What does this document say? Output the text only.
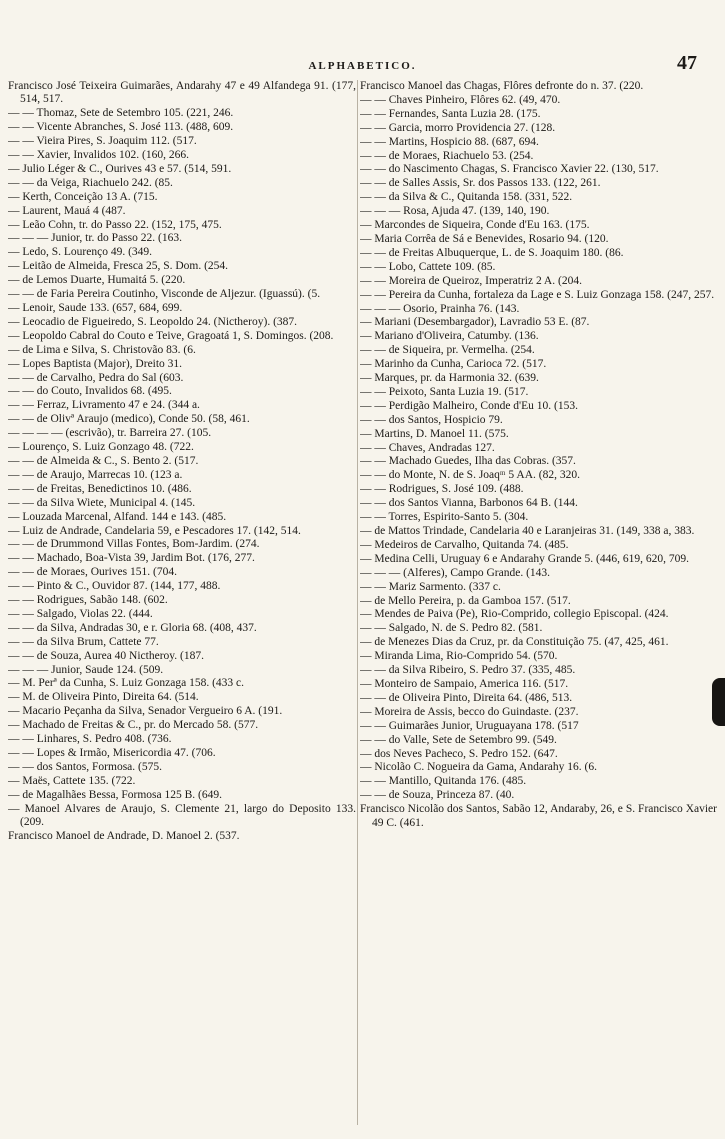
ALPHABETICO.	47

Francisco José Teixeira Guimarães, Andarahy 47 e 49 Alfandega 91. (177, 514, 517.

— — Thomaz, Sete de Setembro 105. (221, 246.

— — Vicente Abranches, S. José 113. (488, 609.

— — Vieira Pires, S. Joaquim 112. (517.

— — Xavier, Invalidos 102. (160, 266.

— Julio Léger & C., Ourives 43 e 57. (514, 591.

— — da Veiga, Riachuelo 242. (85.

— Kerth, Conceição 13 A. (715.

— Laurent, Mauá 4 (487.

— Leão Cohn, tr. do Passo 22. (152, 175, 475.

— — — Junior, tr. do Passo 22. (163.

— Ledo, S. Lourenço 49. (349.

— Leitão de Almeida, Fresca 25, S. Dom. (254.

— de Lemos Duarte, Humaitá 5. (220.

— — de Faria Pereira Coutinho, Visconde de Aljezur. (Iguassú). (5.

— Lenoir, Saude 133. (657, 684, 699.

— Leocadio de Figueiredo, S. Leopoldo 24. (Nictheroy). (387.

— Leopoldo Cabral do Couto e Teive, Gragoatá 1, S. Domingos. (208.

— de Lima e Silva, S. Christovão 83. (6.

— Lopes Baptista (Major), Dreito 31.

— — de Carvalho, Pedra do Sal (603.

— — do Couto, Invalidos 68. (495.

— — Ferraz, Livramento 47 e 24. (344 a.

— — de Olivª Araujo (medico), Conde 50. (58, 461.

— — — — (escrivão), tr. Barreira 27. (105.

— Lourenço, S. Luiz Gonzago 48. (722.

— — de Almeida & C., S. Bento 2. (517.

— — de Araujo, Marrecas 10. (123 a.

— — de Freitas, Benedictinos 10. (486.

— — da Silva Wiete, Municipal 4. (145.

— Louzada Marcenal, Alfand. 144 e 143. (485.

— Luiz de Andrade, Candelaria 59, e Pescadores 17. (142, 514.

— — de Drummond Villas Fontes, Bom-Jardim. (274.

— — Machado, Boa-Vista 39, Jardim Bot. (176, 277.

— — de Moraes, Ourives 151. (704.

— — Pinto & C., Ouvidor 87. (144, 177, 488.

— — Rodrigues, Sabão 148. (602.

— — Salgado, Violas 22. (444.

— — da Silva, Andradas 30, e r. Gloria 68. (408, 437.

— — da Silva Brum, Cattete 77.

— — de Souza, Aurea 40 Nictheroy. (187.

— — — Junior, Saude 124. (509.

— M. Perª da Cunha, S. Luiz Gonzaga 158. (433 c.

— M. de Oliveira Pinto, Direita 64. (514.

— Macario Peçanha da Silva, Senador Vergueiro 6 A. (191.

— Machado de Freitas & C., pr. do Mercado 58. (577.

— — Linhares, S. Pedro 408. (736.

— — Lopes & Irmão, Misericordia 47. (706.

— — dos Santos, Formosa. (575.

— Maës, Cattete 135. (722.

— de Magalhães Bessa, Formosa 125 B. (649.

— Manoel Alvares de Araujo, S. Clemente 21, largo do Deposito 133. (209.

Francisco Manoel de Andrade, D. Manoel 2. (537.

Francisco Manoel das Chagas, Flôres defronte do n. 37. (220.

— — Chaves Pinheiro, Flôres 62. (49, 470.

— — Fernandes, Santa Luzia 28. (175.

— — Garcia, morro Providencia 27. (128.

— — Martins, Hospicio 88. (687, 694.

— — de Moraes, Riachuelo 53. (254.

— — do Nascimento Chagas, S. Francisco Xavier 22. (130, 517.

— — de Salles Assis, Sr. dos Passos 133. (122, 261.

— — da Silva & C., Quitanda 158. (331, 522.

— — — Rosa, Ajuda 47. (139, 140, 190.

— Marcondes de Siqueira, Conde d'Eu 163. (175.

— Maria Corrêa de Sá e Benevides, Rosario 94. (120.

— — de Freitas Albuquerque, L. de S. Joaquim 180. (86.

— — Lobo, Cattete 109. (85.

— — Moreira de Queiroz, Imperatriz 2 A. (204.

— — Pereira da Cunha, fortaleza da Lage e S. Luiz Gonzaga 158. (247, 257.

— — — Osorio, Prainha 76. (143.

— Mariani (Desembargador), Lavradio 53 E. (87.

— Mariano d'Oliveira, Catumby. (136.

— — de Siqueira, pr. Vermelha. (254.

— Marinho da Cunha, Carioca 72. (517.

— Marques, pr. da Harmonia 32. (639.

— — Peixoto, Santa Luzia 19. (517.

— — Perdigão Malheiro, Conde d'Eu 10. (153.

— — dos Santos, Hospicio 79.

— Martins, D. Manoel 11. (575.

— — Chaves, Andradas 127.

— — Machado Guedes, Ilha das Cobras. (357.

— — do Monte, N. de S. Joaqᵐ 5 AA. (82, 320.

— — Rodrigues, S. José 109. (488.

— — dos Santos Vianna, Barbonos 64 B. (144.

— — Torres, Espirito-Santo 5. (304.

— de Mattos Trindade, Candelaria 40 e Laranjeiras 31. (149, 338 a, 383.

— Medeiros de Carvalho, Quitanda 74. (485.

— Medina Celli, Uruguay 6 e Andarahy Grande 5. (446, 619, 620, 709.

— — — (Alferes), Campo Grande. (143.

— — Mariz Sarmento. (337 c.

— de Mello Pereira, p. da Gamboa 157. (517.

— Mendes de Paiva (Pe), Rio-Comprido, collegio Episcopal. (424.

— — Salgado, N. de S. Pedro 82. (581.

— de Menezes Dias da Cruz, pr. da Constituição 75. (47, 425, 461.

— Miranda Lima, Rio-Comprido 54. (570.

— — da Silva Ribeiro, S. Pedro 37. (335, 485.

— Monteiro de Sampaio, America 116. (517.

— — de Oliveira Pinto, Direita 64. (486, 513.

— Moreira de Assis, becco do Guindaste. (237.

— — Guimarães Junior, Uruguayana 178. (517

— — do Valle, Sete de Setembro 99. (549.

— dos Neves Pacheco, S. Pedro 152. (647.

— Nicolão C. Nogueira da Gama, Andarahy 16. (6.

— — Mantillo, Quitanda 176. (485.

— — de Souza, Princeza 87. (40.

Francisco Nicolão dos Santos, Sabão 12, Andaraby, 26, e S. Francisco Xavier 49 C. (461.
